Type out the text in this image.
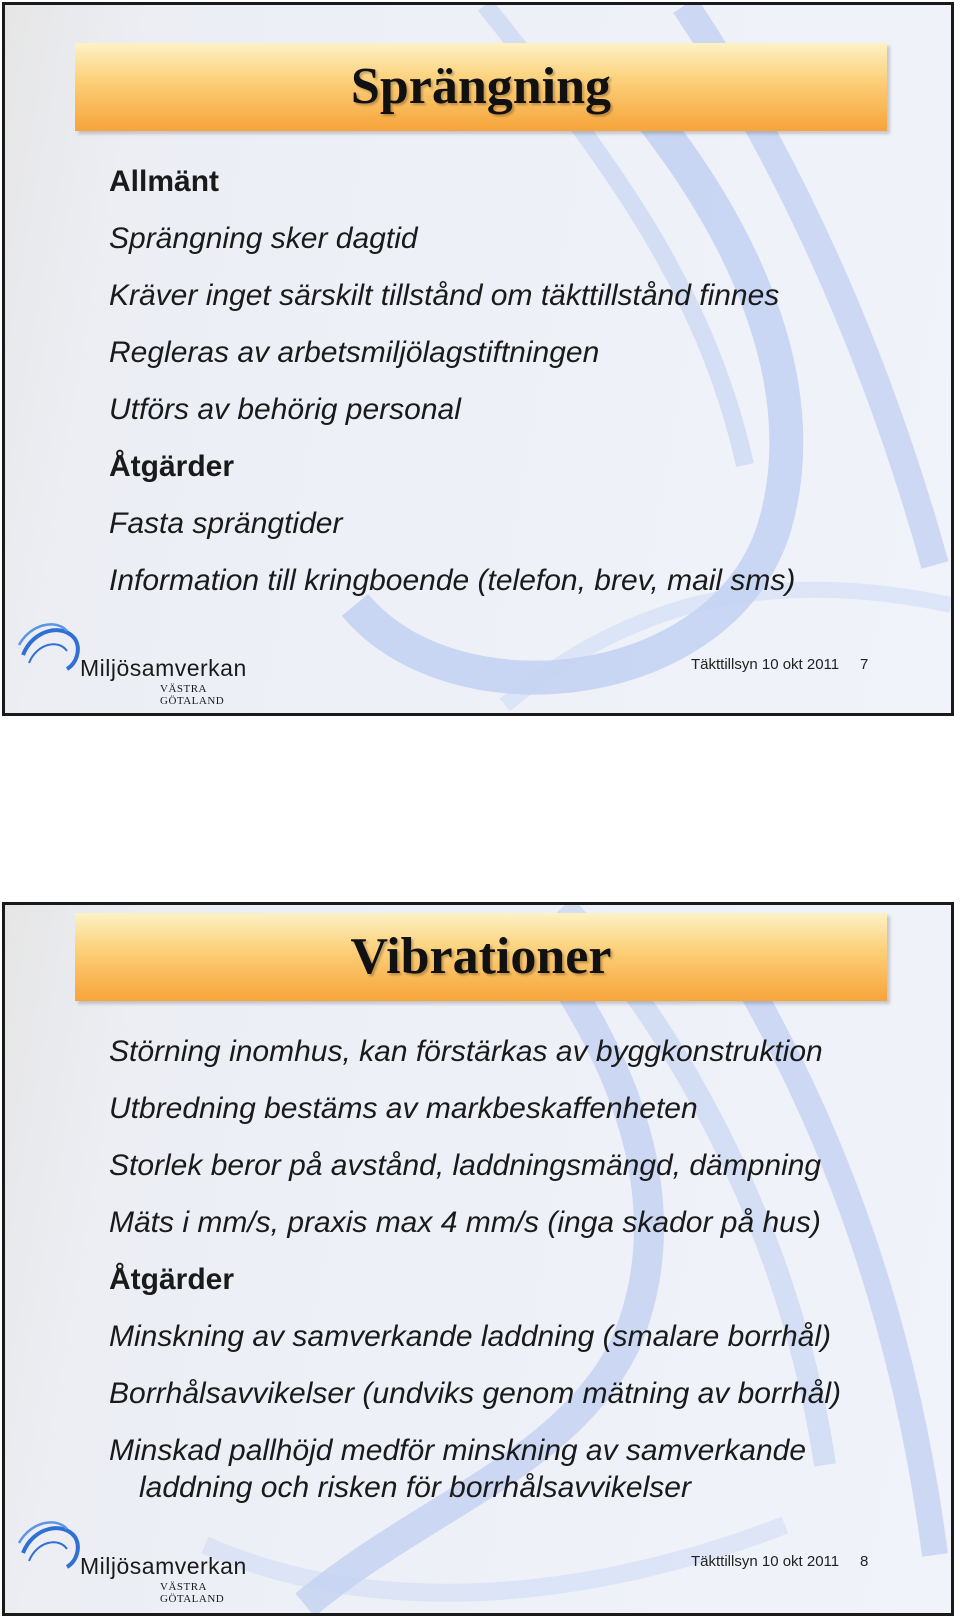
Sprängning
Allmänt
Sprängning sker dagtid
Kräver inget särskilt tillstånd om täkttillstånd finnes
Regleras av arbetsmiljölagstiftningen
Utförs av behörig personal
Åtgärder
Fasta sprängtider
Information till kringboende (telefon, brev, mail sms)
Miljösamverkan
VÄSTRA GÖTALAND
Täkttillsyn 10 okt 2011 7
Vibrationer
Störning inomhus, kan förstärkas av byggkonstruktion
Utbredning bestäms av markbeskaffenheten
Storlek beror på avstånd, laddningsmängd, dämpning
Mäts i mm/s, praxis max 4 mm/s (inga skador på hus)
Åtgärder
Minskning av samverkande laddning (smalare borrhål)
Borrhålsavvikelser (undviks genom mätning av borrhål)
Minskad pallhöjd medför minskning av samverkande
laddning och risken för borrhålsavvikelser
Miljösamverkan
VÄSTRA GÖTALAND
Täkttillsyn 10 okt 2011 8
